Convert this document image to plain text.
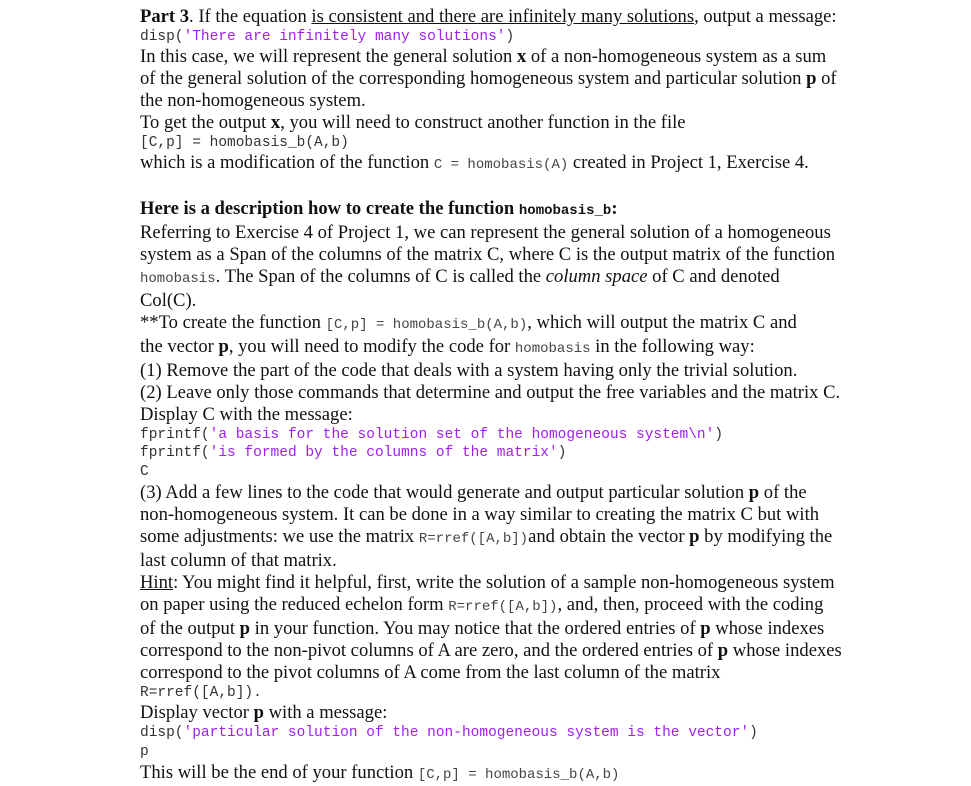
Part 3. If the equation is consistent and there are infinitely many solutions, output a message:
disp('There are infinitely many solutions')
In this case, we will represent the general solution x of a non-homogeneous system as a sum
of the general solution of the corresponding homogeneous system and particular solution p of
the non-homogeneous system.
To get the output x, you will need to construct another function in the file
[C,p] = homobasis_b(A,b)
which is a modification of the function C = homobasis(A) created in Project 1, Exercise 4.
Here is a description how to create the function homobasis_b:
Referring to Exercise 4 of Project 1, we can represent the general solution of a homogeneous
system as a Span of the columns of the matrix C, where C is the output matrix of the function
homobasis. The Span of the columns of C is called the column space of C and denoted
Col(C).
**To create the function [C,p] = homobasis_b(A,b), which will output the matrix C and
the vector p, you will need to modify the code for homobasis in the following way:
(1) Remove the part of the code that deals with a system having only the trivial solution.
(2) Leave only those commands that determine and output the free variables and the matrix C.
Display C with the message:
fprintf('a basis for the solution set of the homogeneous system\n')
fprintf('is formed by the columns of the matrix')
C
(3) Add a few lines to the code that would generate and output particular solution p of the
non-homogeneous system. It can be done in a way similar to creating the matrix C but with
some adjustments: we use the matrix R=rref([A,b])and obtain the vector p by modifying the
last column of that matrix.
Hint: You might find it helpful, first, write the solution of a sample non-homogeneous system
on paper using the reduced echelon form R=rref([A,b]), and, then, proceed with the coding
of the output p in your function. You may notice that the ordered entries of p whose indexes
correspond to the non-pivot columns of A are zero, and the ordered entries of p whose indexes
correspond to the pivot columns of A come from the last column of the matrix
R=rref([A,b]).
Display vector p with a message:
disp('particular solution of the non-homogeneous system is the vector')
p
This will be the end of your function [C,p] = homobasis_b(A,b)
